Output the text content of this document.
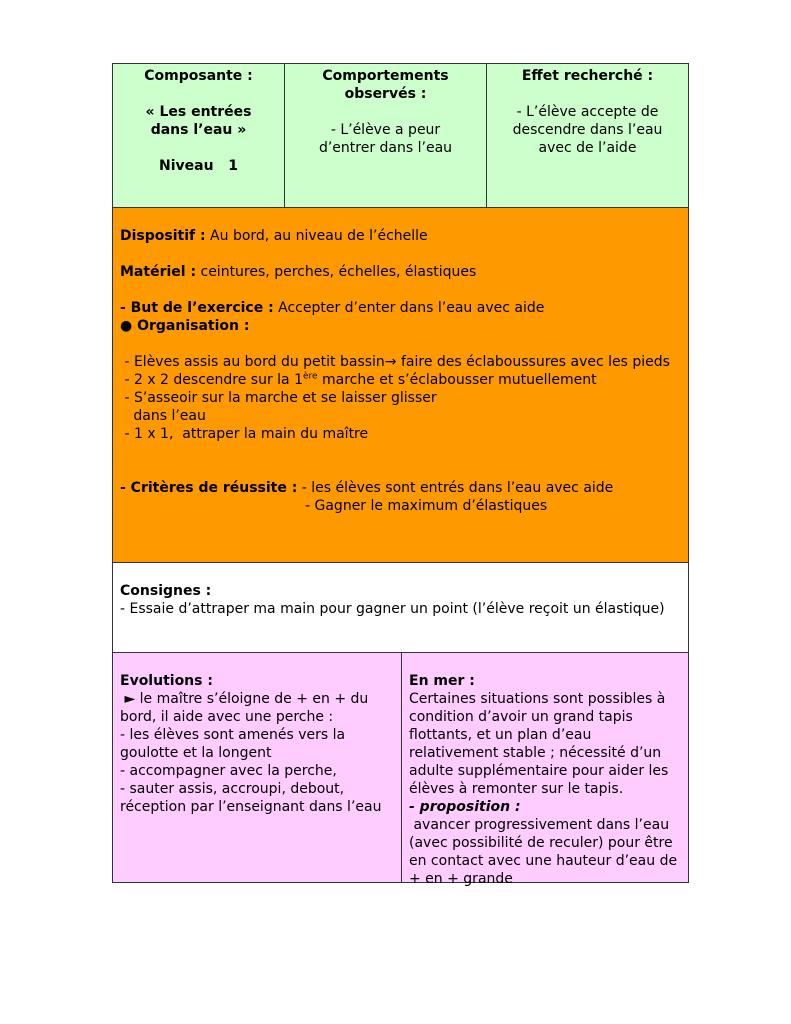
Composante :

« Les entrées dans l’eau »

Niveau   1

Comportements observés :

- L’élève a peur d’entrer dans l’eau

Effet recherché :

- L’élève accepte de descendre dans l’eau avec de l’aide

Dispositif : Au bord, au niveau de l’échelle

Matériel : ceintures, perches, échelles, élastiques

- But de l’exercice : Accepter d’enter dans l’eau avec aide

● Organisation :

- Elèves assis au bord du petit bassin→ faire des éclaboussures avec les pieds

- 2 x 2 descendre sur la 1ère marche et s’éclabousser mutuellement

- S’asseoir sur la marche et se laisser glisser

dans l’eau

- 1 x 1,  attraper la main du maître

- Critères de réussite : - les élèves sont entrés dans l’eau avec aide

- Gagner le maximum d’élastiques

Consignes :

- Essaie d’attraper ma main pour gagner un point (l’élève reçoit un élastique)

Evolutions :

► le maître s’éloigne de + en + du bord, il aide avec une perche :

- les élèves sont amenés vers la goulotte et la longent

- accompagner avec la perche,

- sauter assis, accroupi, debout, réception par l’enseignant dans l’eau

En mer :

Certaines situations sont possibles à condition d’avoir un grand tapis flottants, et un plan d’eau relativement stable ; nécessité d’un adulte supplémentaire pour aider les élèves à remonter sur le tapis.

- proposition :

avancer progressivement dans l’eau (avec possibilité de reculer) pour être en contact avec une hauteur d’eau de + en + grande
